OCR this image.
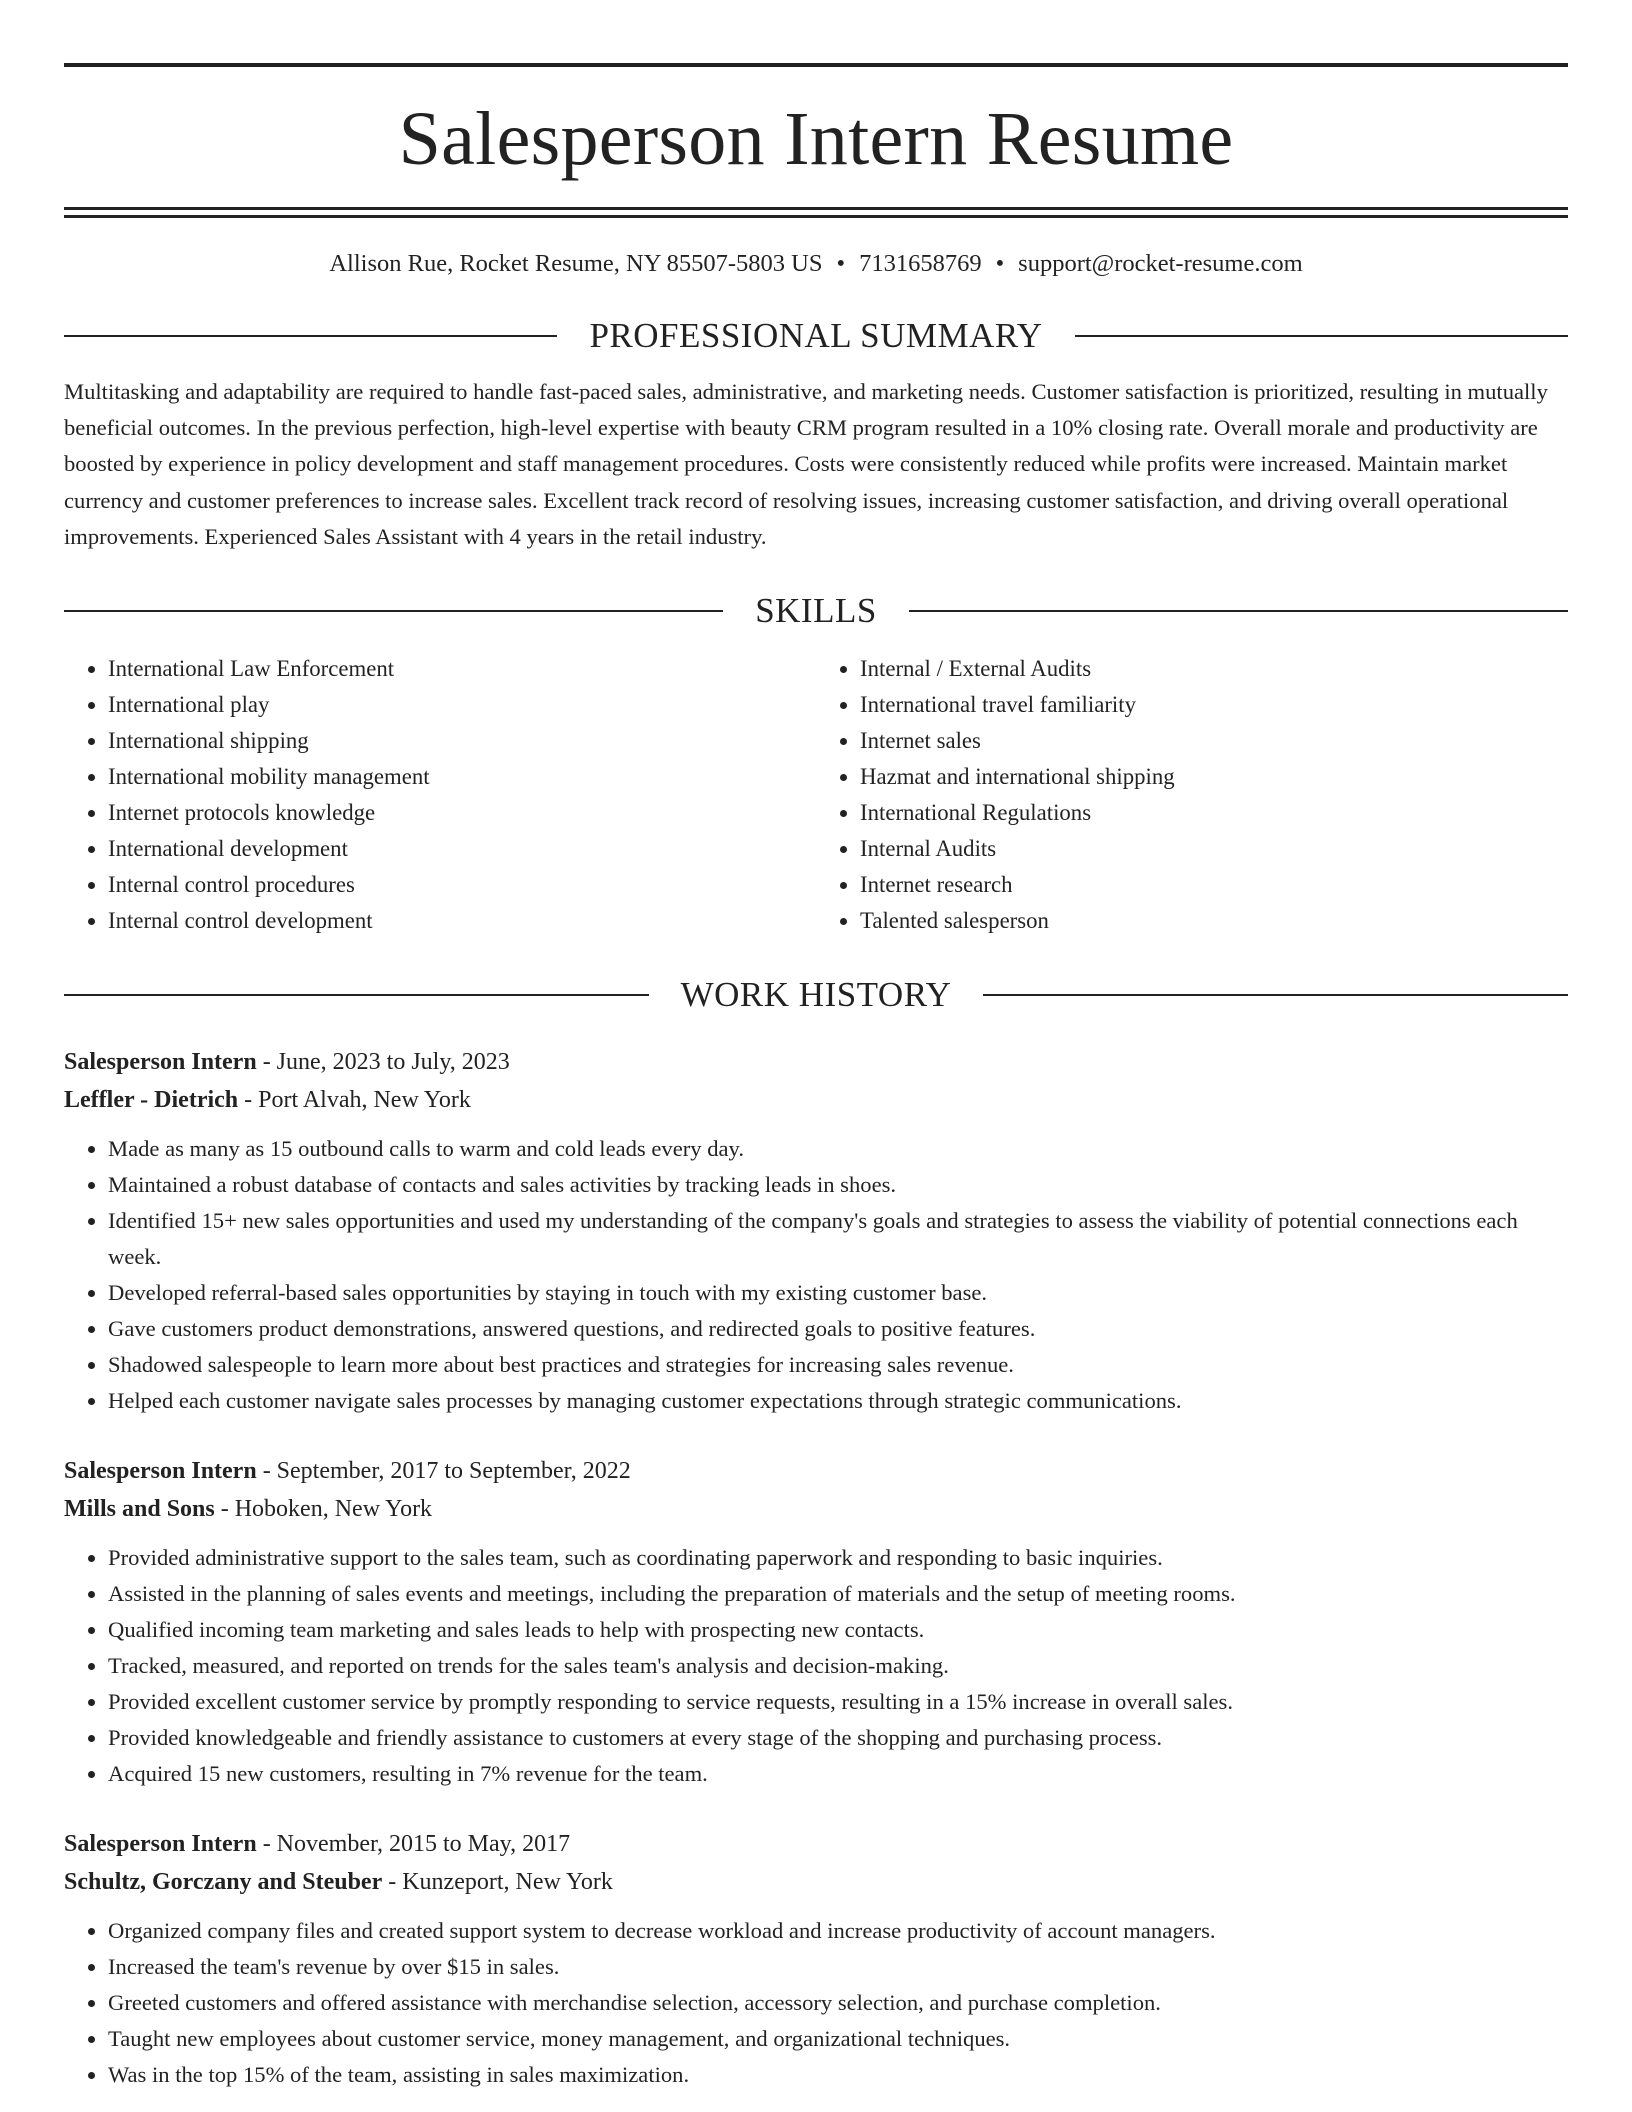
Salesperson Intern Resume
Allison Rue, Rocket Resume, NY 85507-5803 US • 7131658769 • support@rocket-resume.com
PROFESSIONAL SUMMARY

Multitasking and adaptability are required to handle fast-paced sales, administrative, and marketing needs. Customer satisfaction is prioritized, resulting in mutually beneficial outcomes. In the previous perfection, high-level expertise with beauty CRM program resulted in a 10% closing rate. Overall morale and productivity are boosted by experience in policy development and staff management procedures. Costs were consistently reduced while profits were increased. Maintain market currency and customer preferences to increase sales. Excellent track record of resolving issues, increasing customer satisfaction, and driving overall operational improvements. Experienced Sales Assistant with 4 years in the retail industry.

SKILLS
• International Law Enforcement
• International play
• International shipping
• International mobility management
• Internet protocols knowledge
• International development
• Internal control procedures
• Internal control development
• Internal / External Audits
• International travel familiarity
• Internet sales
• Hazmat and international shipping
• International Regulations
• Internal Audits
• Internet research
• Talented salesperson
WORK HISTORY
Salesperson Intern - June, 2023 to July, 2023
Leffler - Dietrich - Port Alvah, New York
• Made as many as 15 outbound calls to warm and cold leads every day.
• Maintained a robust database of contacts and sales activities by tracking leads in shoes.
• Identified 15+ new sales opportunities and used my understanding of the company's goals and strategies to assess the viability of potential connections each week.
• Developed referral-based sales opportunities by staying in touch with my existing customer base.
• Gave customers product demonstrations, answered questions, and redirected goals to positive features.
• Shadowed salespeople to learn more about best practices and strategies for increasing sales revenue.
• Helped each customer navigate sales processes by managing customer expectations through strategic communications.
Salesperson Intern - September, 2017 to September, 2022
Mills and Sons - Hoboken, New York
• Provided administrative support to the sales team, such as coordinating paperwork and responding to basic inquiries.
• Assisted in the planning of sales events and meetings, including the preparation of materials and the setup of meeting rooms.
• Qualified incoming team marketing and sales leads to help with prospecting new contacts.
• Tracked, measured, and reported on trends for the sales team's analysis and decision-making.
• Provided excellent customer service by promptly responding to service requests, resulting in a 15% increase in overall sales.
• Provided knowledgeable and friendly assistance to customers at every stage of the shopping and purchasing process.
• Acquired 15 new customers, resulting in 7% revenue for the team.
Salesperson Intern - November, 2015 to May, 2017
Schultz, Gorczany and Steuber - Kunzeport, New York
• Organized company files and created support system to decrease workload and increase productivity of account managers.
• Increased the team's revenue by over $15 in sales.
• Greeted customers and offered assistance with merchandise selection, accessory selection, and purchase completion.
• Taught new employees about customer service, money management, and organizational techniques.
• Was in the top 15% of the team, assisting in sales maximization.
